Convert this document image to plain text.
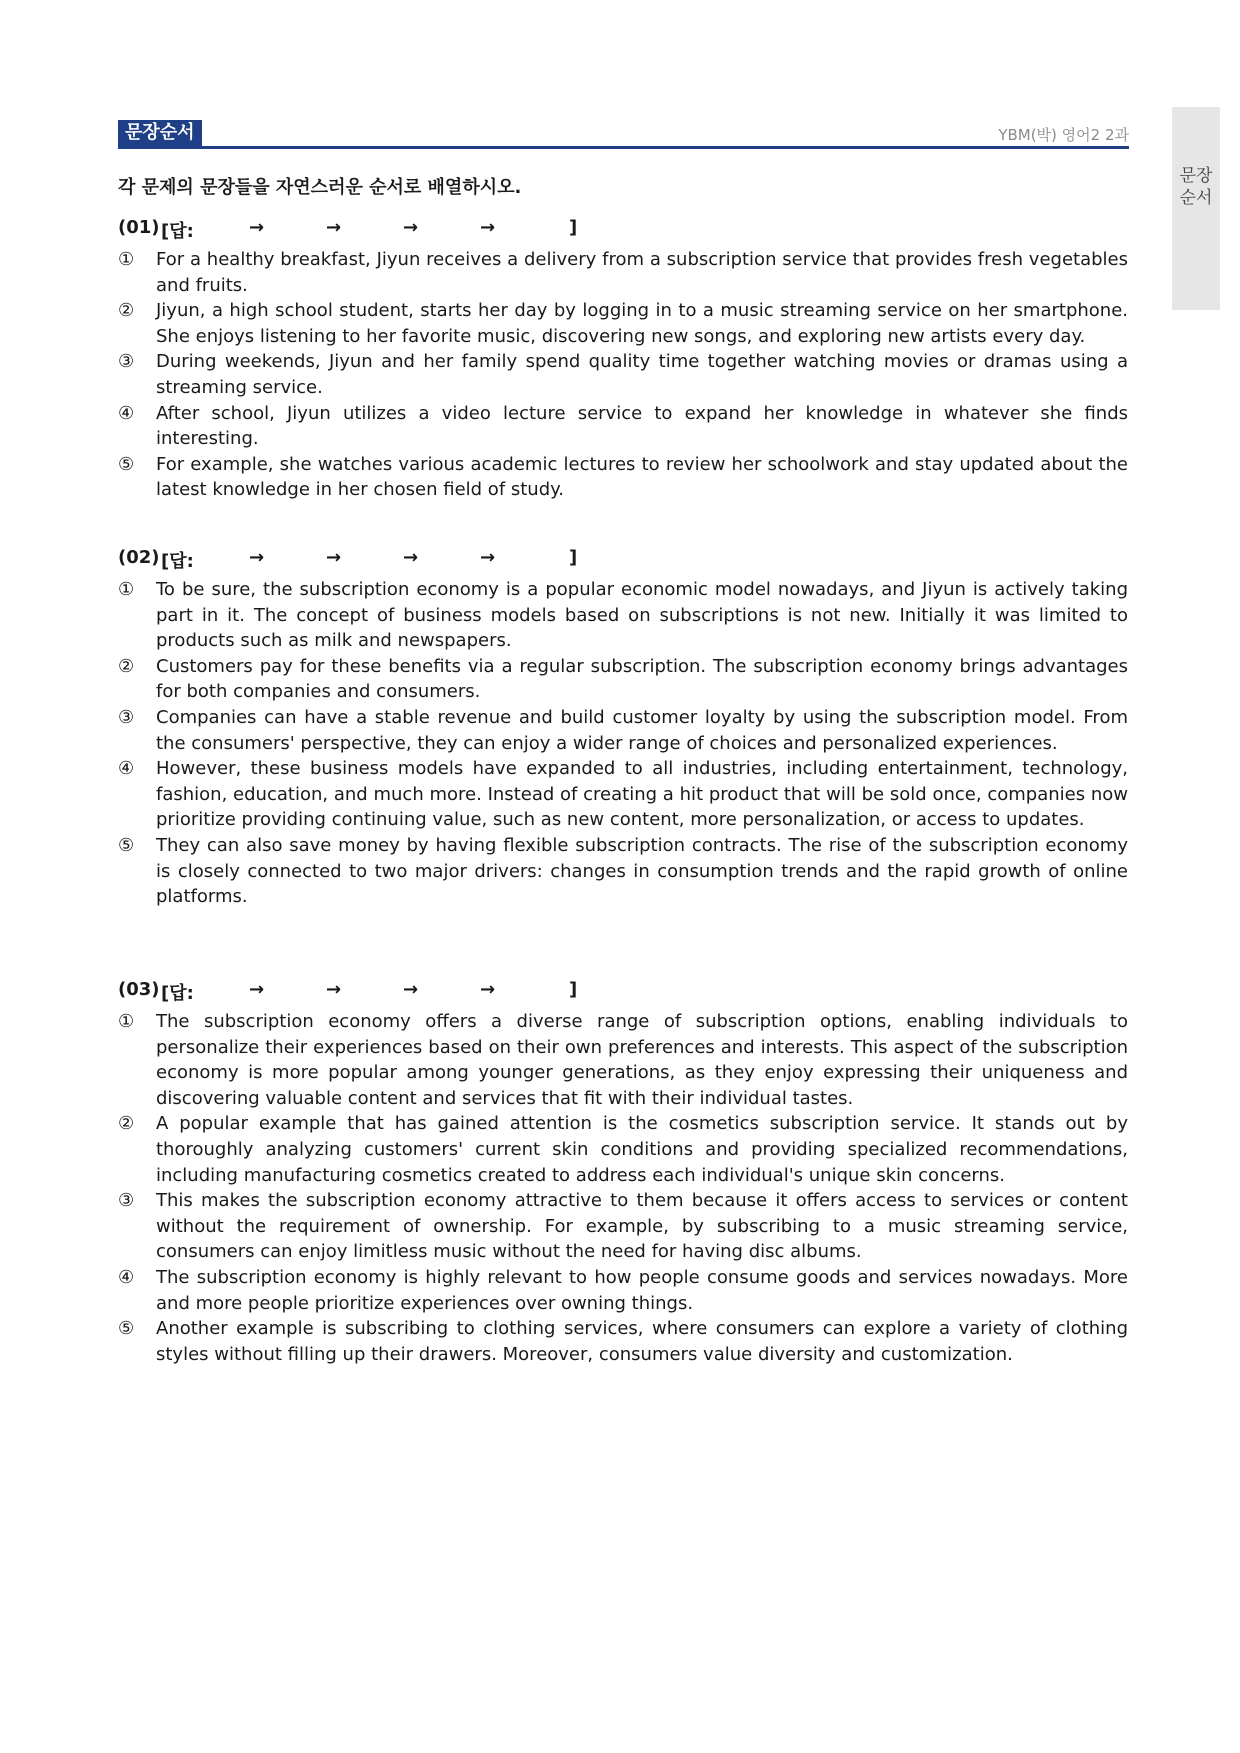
문장순서	YBM(박) 영어2 2과
문장순서
각 문제의 문장들을 자연스러운 순서로 배열하시오.
(01) [답:	→	→	→	→	]
① For a healthy breakfast, Jiyun receives a delivery from a subscription service that provides fresh vegetables and fruits.
② Jiyun, a high school student, starts her day by logging in to a music streaming service on her smartphone. She enjoys listening to her favorite music, discovering new songs, and exploring new artists every day.
③ During weekends, Jiyun and her family spend quality time together watching movies or dramas using a streaming service.
④ After school, Jiyun utilizes a video lecture service to expand her knowledge in whatever she finds interesting.
⑤ For example, she watches various academic lectures to review her schoolwork and stay updated about the latest knowledge in her chosen field of study.
(02) [답:	→	→	→	→	]
① To be sure, the subscription economy is a popular economic model nowadays, and Jiyun is actively taking part in it. The concept of business models based on subscriptions is not new. Initially it was limited to products such as milk and newspapers.
② Customers pay for these benefits via a regular subscription. The subscription economy brings advantages for both companies and consumers.
③ Companies can have a stable revenue and build customer loyalty by using the subscription model. From the consumers' perspective, they can enjoy a wider range of choices and personalized experiences.
④ However, these business models have expanded to all industries, including entertainment, technology, fashion, education, and much more. Instead of creating a hit product that will be sold once, companies now prioritize providing continuing value, such as new content, more personalization, or access to updates.
⑤ They can also save money by having flexible subscription contracts. The rise of the subscription economy is closely connected to two major drivers: changes in consumption trends and the rapid growth of online platforms.
(03) [답:	→	→	→	→	]
① The subscription economy offers a diverse range of subscription options, enabling individuals to personalize their experiences based on their own preferences and interests. This aspect of the subscription economy is more popular among younger generations, as they enjoy expressing their uniqueness and discovering valuable content and services that fit with their individual tastes.
② A popular example that has gained attention is the cosmetics subscription service. It stands out by thoroughly analyzing customers' current skin conditions and providing specialized recommendations, including manufacturing cosmetics created to address each individual's unique skin concerns.
③ This makes the subscription economy attractive to them because it offers access to services or content without the requirement of ownership. For example, by subscribing to a music streaming service, consumers can enjoy limitless music without the need for having disc albums.
④ The subscription economy is highly relevant to how people consume goods and services nowadays. More and more people prioritize experiences over owning things.
⑤ Another example is subscribing to clothing services, where consumers can explore a variety of clothing styles without filling up their drawers. Moreover, consumers value diversity and customization.
